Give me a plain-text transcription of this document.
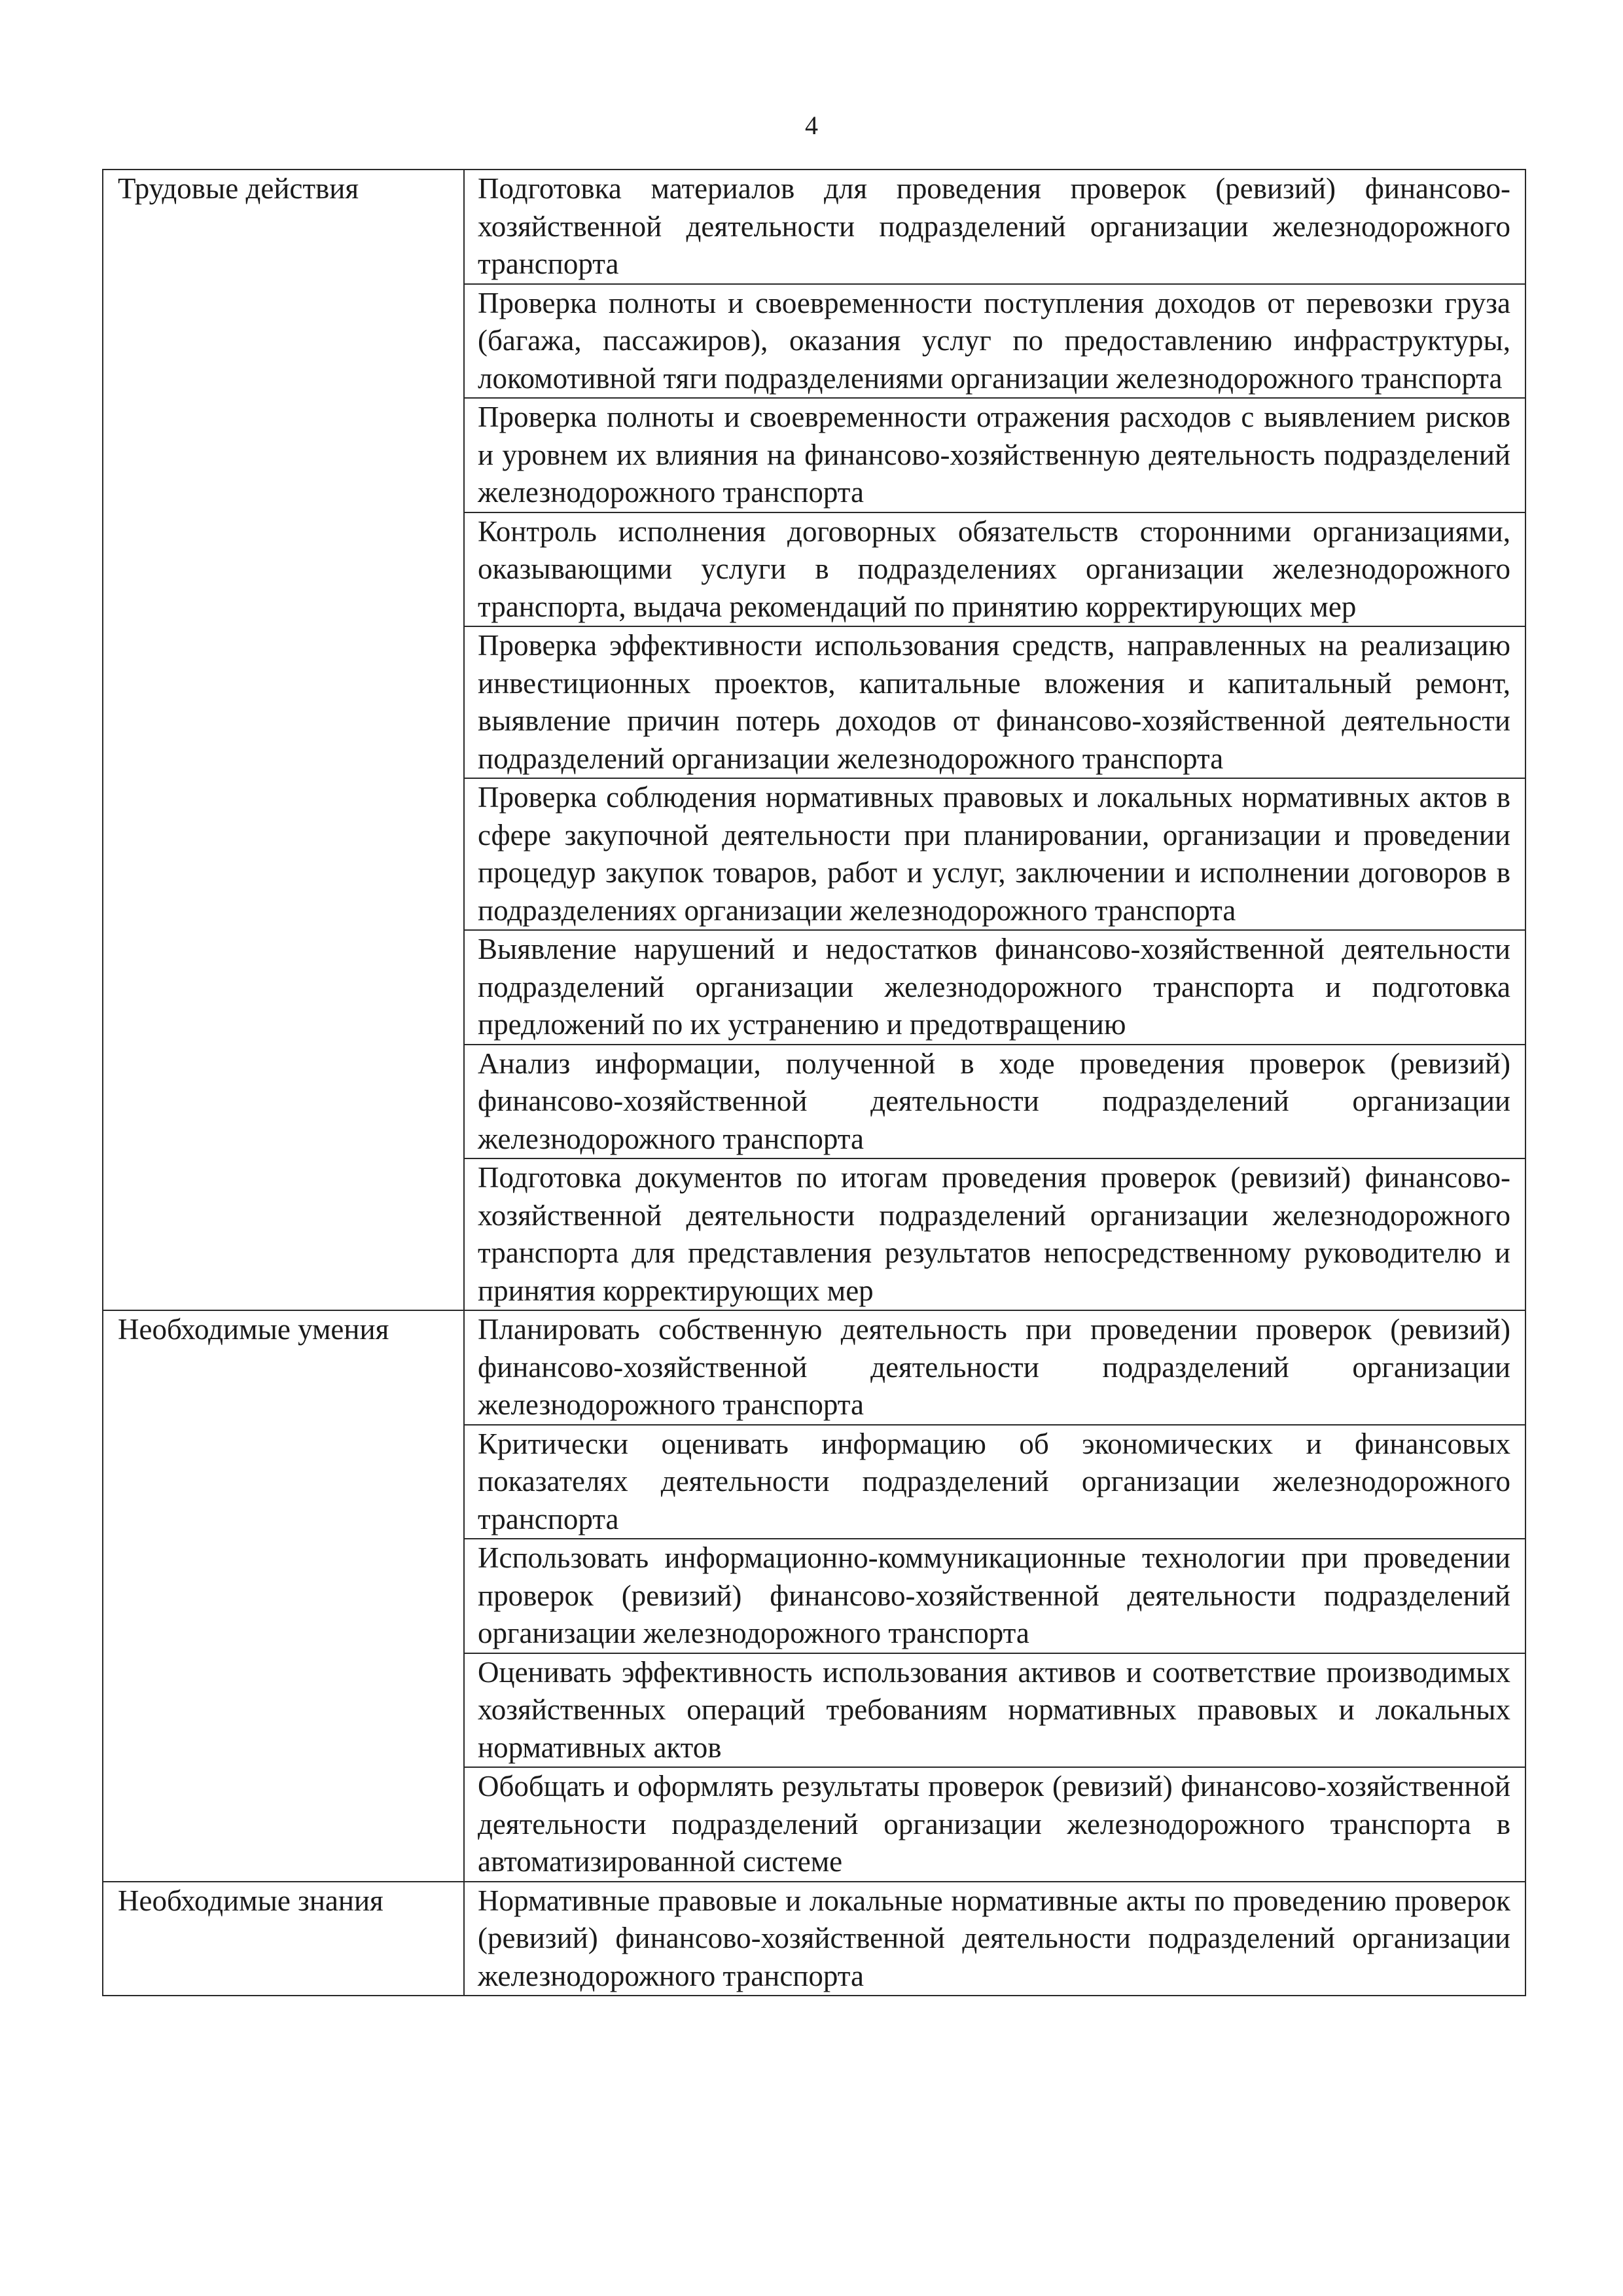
4
Трудовые действия	Подготовка материалов для проведения проверок (ревизий) финансово-хозяйственной деятельности подразделений организации железнодорожного транспорта

	Проверка полноты и своевременности поступления доходов от перевозки груза (багажа, пассажиров), оказания услуг по предоставлению инфраструктуры, локомотивной тяги подразделениями организации железнодорожного транспорта

	Проверка полноты и своевременности отражения расходов с выявлением рисков и уровнем их влияния на финансово-хозяйственную деятельность подразделений железнодорожного транспорта

	Контроль исполнения договорных обязательств сторонними организациями, оказывающими услуги в подразделениях организации железнодорожного транспорта, выдача рекомендаций по принятию корректирующих мер

	Проверка эффективности использования средств, направленных на реализацию инвестиционных проектов, капитальные вложения и капитальный ремонт, выявление причин потерь доходов от финансово-хозяйственной деятельности подразделений организации железнодорожного транспорта

	Проверка соблюдения нормативных правовых и локальных нормативных актов в сфере закупочной деятельности при планировании, организации и проведении процедур закупок товаров, работ и услуг, заключении и исполнении договоров в подразделениях организации железнодорожного транспорта

	Выявление нарушений и недостатков финансово-хозяйственной деятельности подразделений организации железнодорожного транспорта и подготовка предложений по их устранению и предотвращению

	Анализ информации, полученной в ходе проведения проверок (ревизий) финансово-хозяйственной деятельности подразделений организации железнодорожного транспорта

	Подготовка документов по итогам проведения проверок (ревизий) финансово-хозяйственной деятельности подразделений организации железнодорожного транспорта для представления результатов непосредственному руководителю и принятия корректирующих мер

Необходимые умения	Планировать собственную деятельность при проведении проверок (ревизий) финансово-хозяйственной деятельности подразделений организации железнодорожного транспорта

	Критически оценивать информацию об экономических и финансовых показателях деятельности подразделений организации железнодорожного транспорта

	Использовать информационно-коммуникационные технологии при проведении проверок (ревизий) финансово-хозяйственной деятельности подразделений организации железнодорожного транспорта

	Оценивать эффективность использования активов и соответствие производимых хозяйственных операций требованиям нормативных правовых и локальных нормативных актов

	Обобщать и оформлять результаты проверок (ревизий) финансово-хозяйственной деятельности подразделений организации железнодорожного транспорта в автоматизированной системе

Необходимые знания	Нормативные правовые и локальные нормативные акты по проведению проверок (ревизий) финансово-хозяйственной деятельности подразделений организации железнодорожного транспорта
